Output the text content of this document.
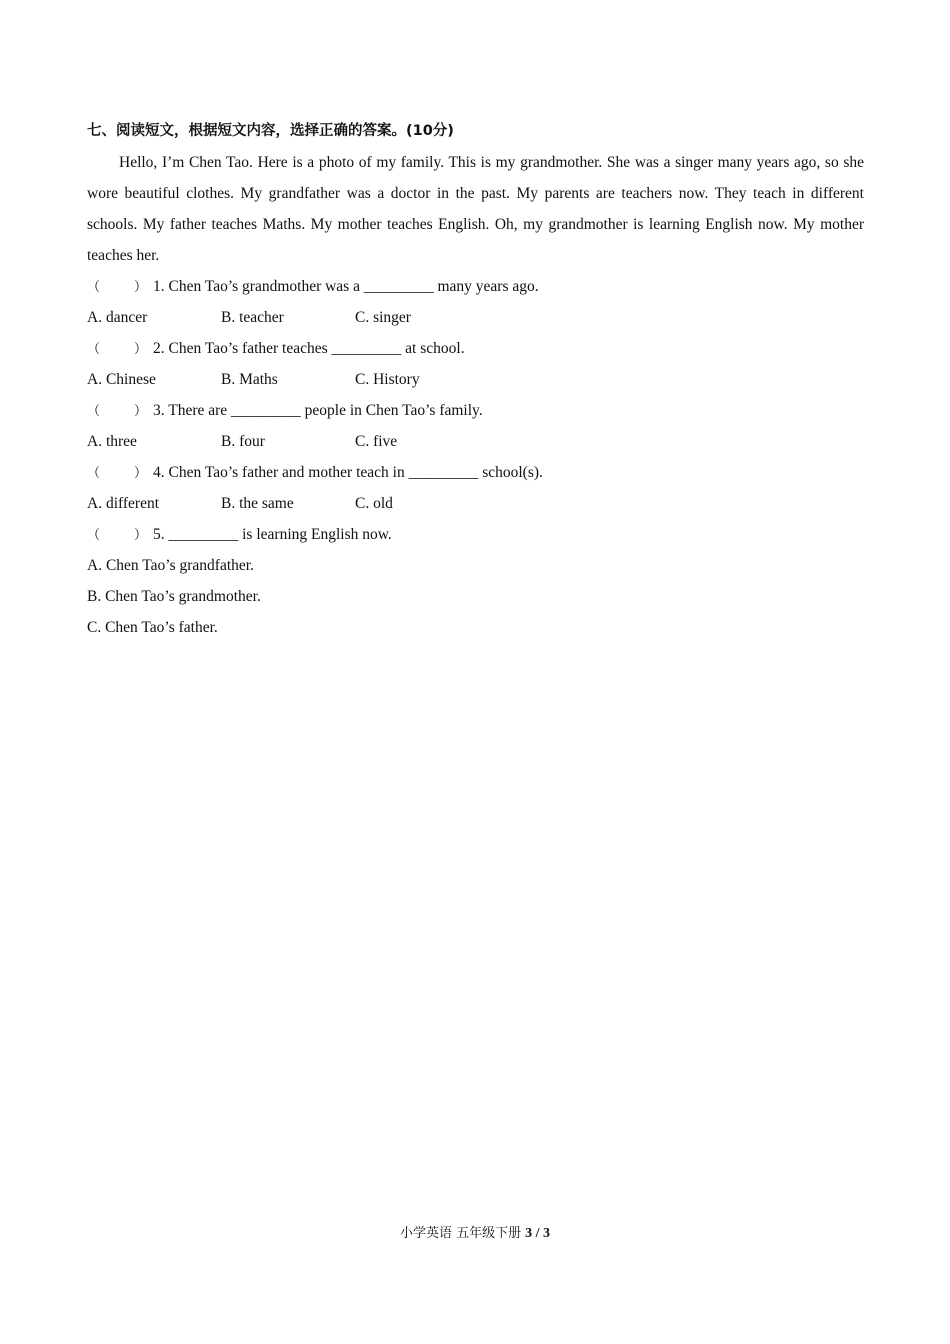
七、阅读短文，根据短文内容，选择正确的答案。(10分)

Hello, I’m Chen Tao. Here is a photo of my family. This is my grandmother. She was a singer many years ago, so she wore beautiful clothes. My grandfather was a doctor in the past. My parents are teachers now. They teach in different schools. My father teaches Maths. My mother teaches English. Oh, my grandmother is learning English now. My mother teaches her.

（	） 1. Chen Tao’s grandmother was a _________ many years ago.
A. dancer	B. teacher	C. singer
（	） 2. Chen Tao’s father teaches _________ at school.
A. Chinese	B. Maths	C. History
（	） 3. There are _________ people in Chen Tao’s family.
A. three	B. four	C. five
（	） 4. Chen Tao’s father and mother teach in _________ school(s).
A. different	B. the same	C. old
（	） 5. _________ is learning English now.
A. Chen Tao’s grandfather.
B. Chen Tao’s grandmother.
C. Chen Tao’s father.
小学英语 五年级下册 3 / 3
